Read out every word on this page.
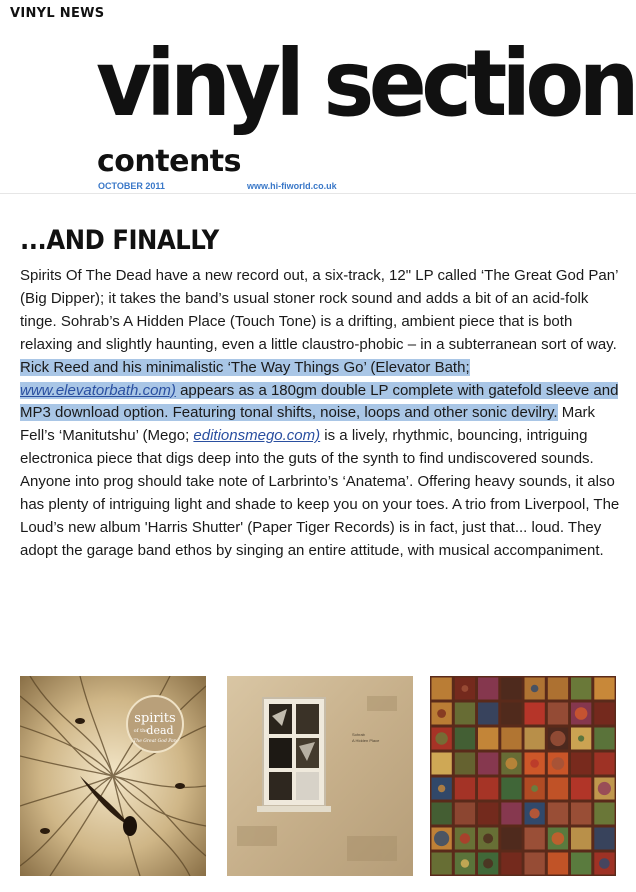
VINYL NEWS
vinyl section
contents
OCTOBER 2011	www.hi-fiworld.co.uk
...AND FINALLY
Spirits Of The Dead have a new record out, a six-track, 12" LP called ‘The Great God Pan’ (Big Dipper); it takes the band’s usual stoner rock sound and adds a bit of an acid-folk tinge. Sohrab’s A Hidden Place (Touch Tone) is a drifting, ambient piece that is both relaxing and slightly haunting, even a little claustro-phobic – in a subterranean sort of way. Rick Reed and his minimalistic ‘The Way Things Go’ (Elevator Bath; www.elevatorbath.com) appears as a 180gm double LP complete with gatefold sleeve and MP3 download option. Featuring tonal shifts, noise, loops and other sonic devilry. Mark Fell’s ‘Manitutshu’ (Mego; editionsmego.com) is a lively, rhythmic, bouncing, intriguing electronica piece that digs deep into the guts of the synth to find undiscovered sounds. Anyone into prog should take note of Larbrinto’s ‘Anatema’. Offering heavy sounds, it also has plenty of intriguing light and shade to keep you on your toes. A trio from Liverpool, The Loud’s new album 'Harris Shutter' (Paper Tiger Records) is in fact, just that... loud. They adopt the garage band ethos by singing an entire attitude, with musical accompaniment.
spirits
of the
dead
The Great God Pan
Sohrab
A Hidden Place
